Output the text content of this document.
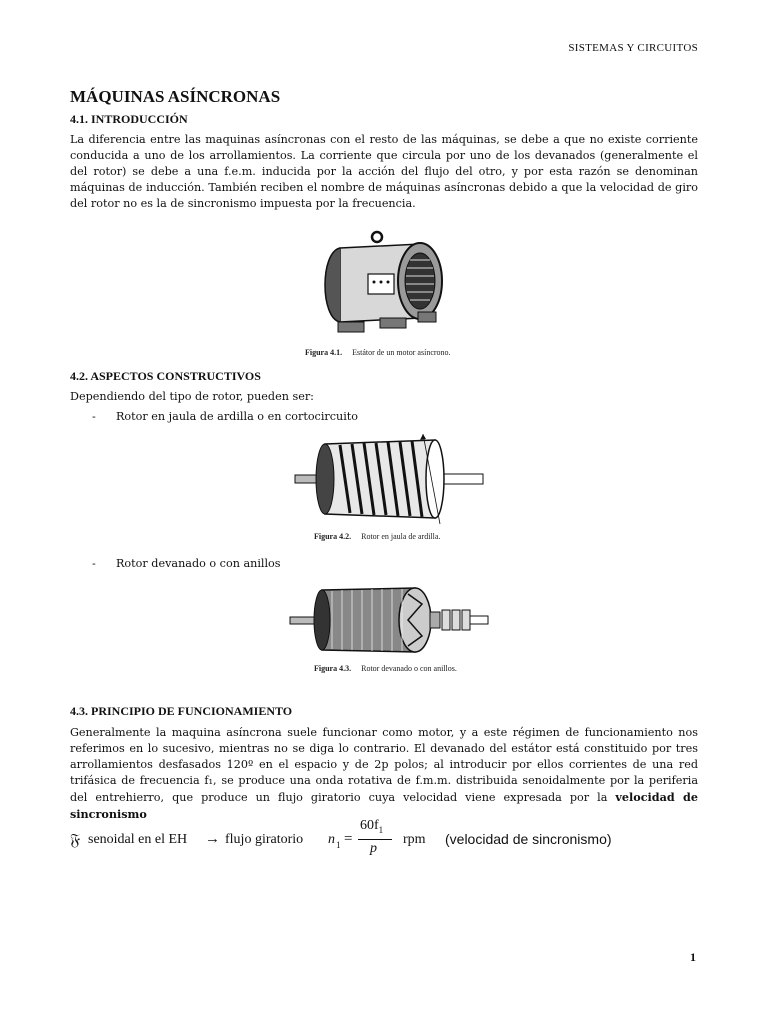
SISTEMAS Y CIRCUITOS
MÁQUINAS ASÍNCRONAS
4.1. INTRODUCCIÓN
La diferencia entre las maquinas asíncronas con el resto de las máquinas, se debe a que no existe corriente conducida a uno de los arrollamientos. La corriente que circula por uno de los devanados (generalmente el del rotor) se debe a una f.e.m. inducida por la acción del flujo del otro, y por esta razón se denominan máquinas de inducción. También reciben el nombre de máquinas asíncronas debido a que la velocidad de giro del rotor no es la de sincronismo impuesta por la frecuencia.
Figura 4.1. Estátor de un motor asíncrono.
4.2. ASPECTOS CONSTRUCTIVOS
Dependiendo del tipo de rotor, pueden ser:
- Rotor en jaula de ardilla o en cortocircuito
Figura 4.2. Rotor en jaula de ardilla.
- Rotor devanado o con anillos
Figura 4.3. Rotor devanado o con anillos.
4.3. PRINCIPIO DE FUNCIONAMIENTO
Generalmente la maquina asíncrona suele funcionar como motor, y a este régimen de funcionamiento nos referimos en lo sucesivo, mientras no se diga lo contrario. El devanado del estátor está constituido por tres arrollamientos desfasados 120º en el espacio y de 2p polos; al introducir por ellos corrientes de una red trifásica de frecuencia f₁, se produce una onda rotativa de f.m.m. distribuida senoidalmente por la periferia del entrehierro, que produce un flujo giratorio cuya velocidad viene expresada por la velocidad de sincronismo
𝔉 senoidal en el EH → flujo giratorio n 1 =
$60f_1$
p
rpm (velocidad de sincronismo)
1
